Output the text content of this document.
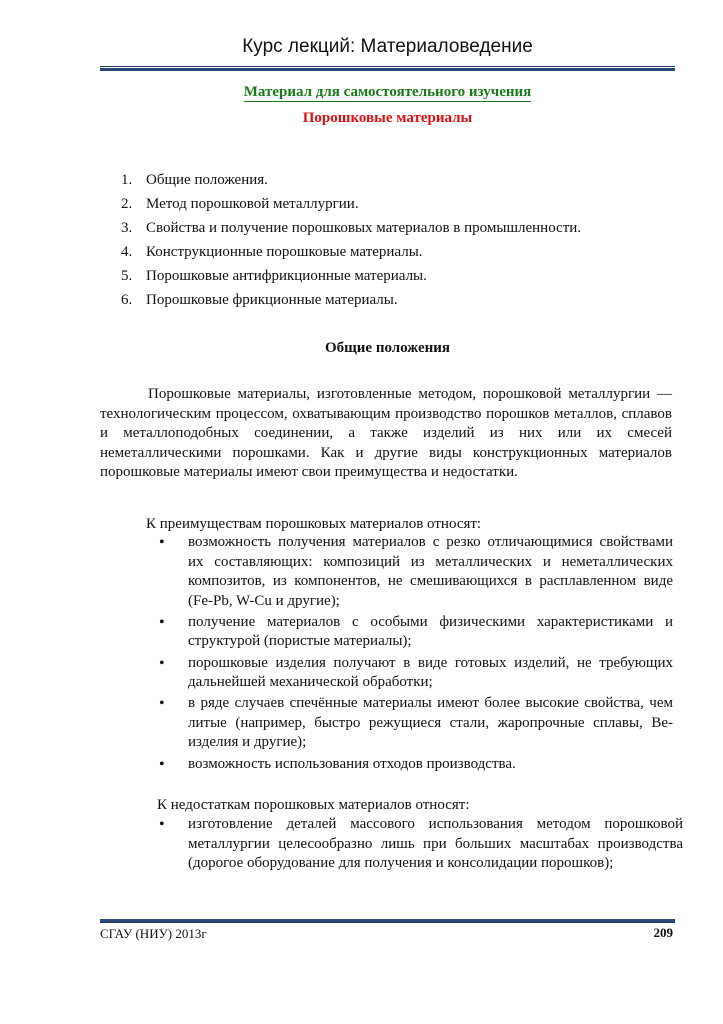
Курс лекций: Материаловедение
Материал для самостоятельного изучения
Порошковые материалы
1. Общие положения.
2. Метод порошковой металлургии.
3. Свойства и получение порошковых материалов в промышленности.
4. Конструкционные порошковые материалы.
5. Порошковые антифрикционные материалы.
6. Порошковые фрикционные материалы.
Общие положения

Порошковые материалы, изготовленные методом, порошковой металлургии — технологическим процессом, охватывающим производство порошков металлов, сплавов и металлоподобных соединении, а также изделий из них или их смесей неметаллическими порошками. Как и другие виды конструкционных материалов порошковые материалы имеют свои преимущества и недостатки.

К преимуществам порошковых материалов относят:
• возможность получения материалов с резко отличающимися свойствами их составляющих: композиций из металлических и неметаллических композитов, из компонентов, не смешивающихся в расплавленном виде (Fe-Pb, W-Cu и другие);
• получение материалов с особыми физическими характеристиками и структурой (пористые материалы);
• порошковые изделия получают в виде готовых изделий, не требующих дальнейшей механической обработки;
• в ряде случаев спечённые материалы имеют более высокие свойства, чем литые (например, быстро режущиеся стали, жаропрочные сплавы, Ве-изделия и другие);
• возможность использования отходов производства.
К недостаткам порошковых материалов относят:
• изготовление деталей массового использования методом порошковой металлургии целесообразно лишь при больших масштабах производства (дорогое оборудование для получения и консолидации порошков);
СГАУ (НИУ) 2013г	209
